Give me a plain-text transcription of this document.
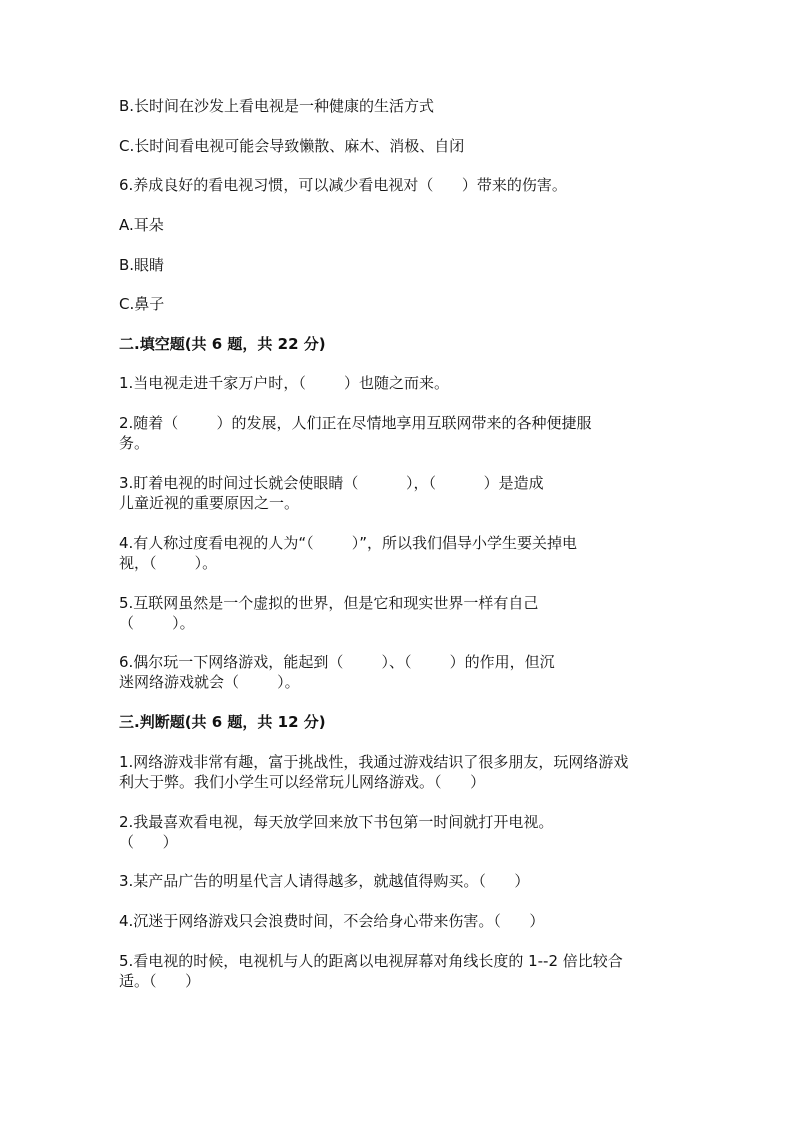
B.长时间在沙发上看电视是一种健康的生活方式

C.长时间看电视可能会导致懒散、麻木、消极、自闭

6.养成良好的看电视习惯，可以减少看电视对（      ）带来的伤害。

A.耳朵

B.眼睛

C.鼻子

二.填空题(共 6 题，共 22 分)

1.当电视走进千家万户时，（        ）也随之而来。

2.随着（        ）的发展，人们正在尽情地享用互联网带来的各种便捷服

务。

3.盯着电视的时间过长就会使眼睛（          ），（          ）是造成

儿童近视的重要原因之一。

4.有人称过度看电视的人为“（        ）”，所以我们倡导小学生要关掉电

视，（        ）。

5.互联网虽然是一个虚拟的世界，但是它和现实世界一样有自己

（        ）。

6.偶尔玩一下网络游戏，能起到（        ）、（        ）的作用，但沉

迷网络游戏就会（        ）。

三.判断题(共 6 题，共 12 分)

1.网络游戏非常有趣，富于挑战性，我通过游戏结识了很多朋友，玩网络游戏

利大于弊。我们小学生可以经常玩儿网络游戏。（      ）

2.我最喜欢看电视，每天放学回来放下书包第一时间就打开电视。

（      ）

3.某产品广告的明星代言人请得越多，就越值得购买。（      ）

4.沉迷于网络游戏只会浪费时间，不会给身心带来伤害。（      ）

5.看电视的时候，电视机与人的距离以电视屏幕对角线长度的 1--2 倍比较合

适。（      ）
